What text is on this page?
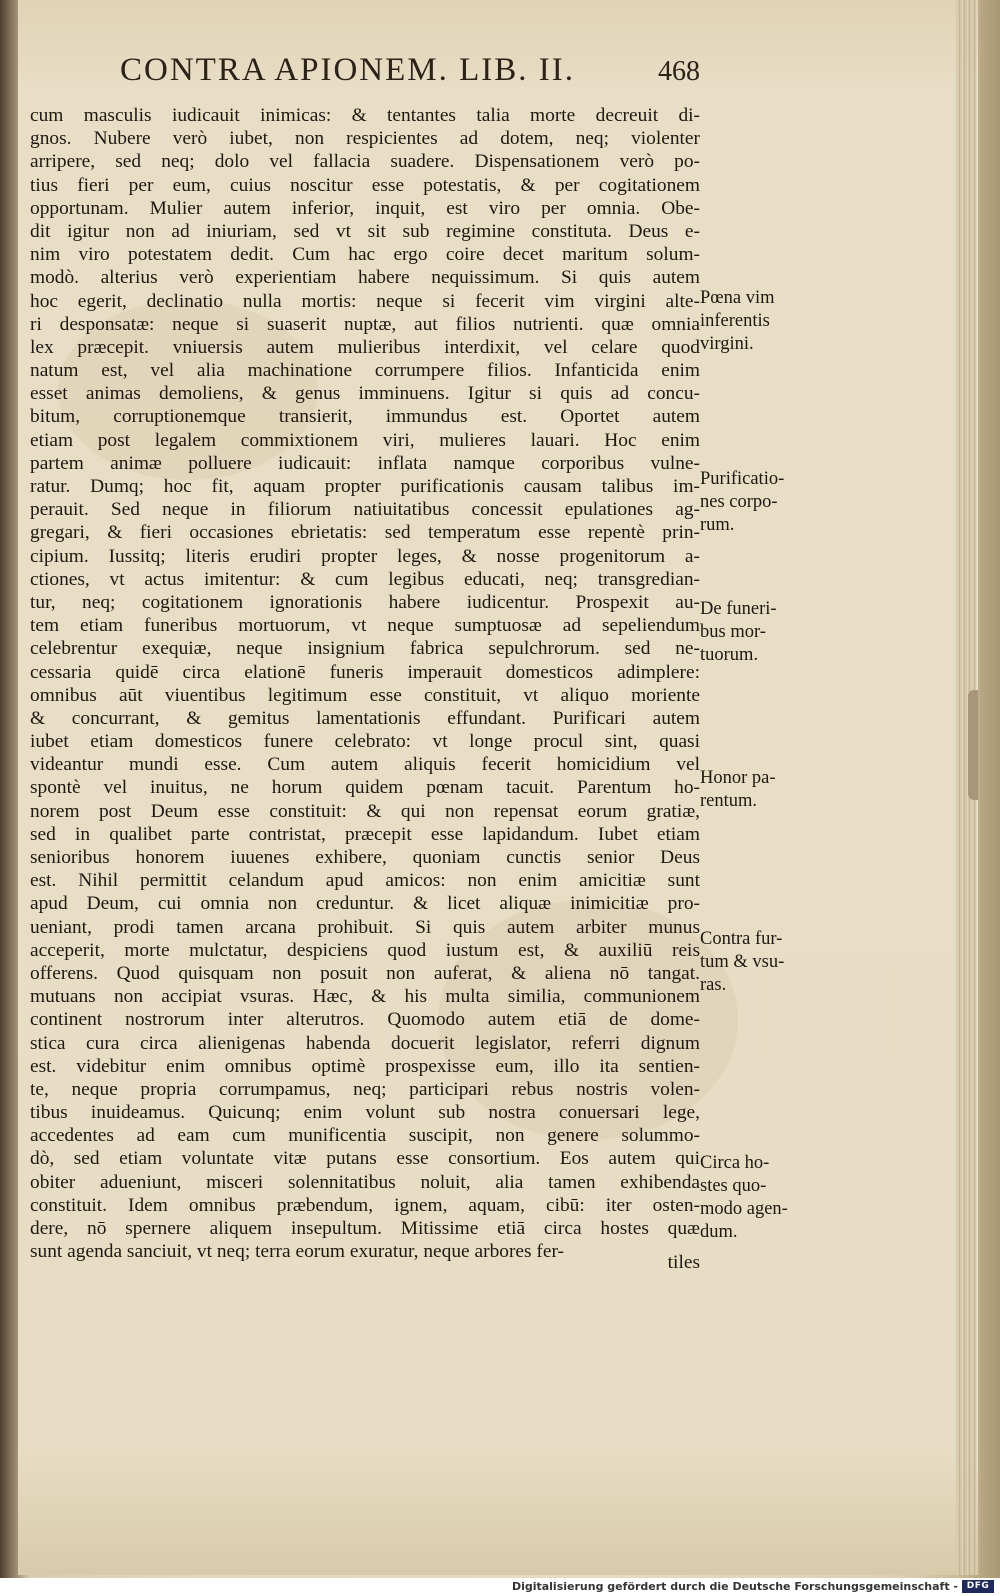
CONTRA APIONEM. LIB. II.	468
cum masculis iudicauit inimicas: & tentantes talia morte decreuit di-
gnos. Nubere verò iubet, non respicientes ad dotem, neq; violenter
arripere, sed neq; dolo vel fallacia suadere. Dispensationem verò po-
tius fieri per eum, cuius noscitur esse potestatis, & per cogitationem
opportunam. Mulier autem inferior, inquit, est viro per omnia. Obe-
dit igitur non ad iniuriam, sed vt sit sub regimine constituta. Deus e-
nim viro potestatem dedit. Cum hac ergo coire decet maritum solum-
modò. alterius verò experientiam habere nequissimum. Si quis autem
hoc egerit, declinatio nulla mortis: neque si fecerit vim virgini alte-
ri desponsatæ: neque si suaserit nuptæ, aut filios nutrienti. quæ omnia
lex præcepit. vniuersis autem mulieribus interdixit, vel celare quod
natum est, vel alia machinatione corrumpere filios. Infanticida enim
esset animas demoliens, & genus imminuens. Igitur si quis ad concu-
bitum, corruptionemque transierit, immundus est. Oportet autem
etiam post legalem commixtionem viri, mulieres lauari. Hoc enim
partem animæ polluere iudicauit: inflata namque corporibus vulne-
ratur. Dumq; hoc fit, aquam propter purificationis causam talibus im-
perauit. Sed neque in filiorum natiuitatibus concessit epulationes ag-
gregari, & fieri occasiones ebrietatis: sed temperatum esse repentè prin-
cipium. Iussitq; literis erudiri propter leges, & nosse progenitorum a-
ctiones, vt actus imitentur: & cum legibus educati, neq; transgredian-
tur, neq; cogitationem ignorationis habere iudicentur. Prospexit au-
tem etiam funeribus mortuorum, vt neque sumptuosæ ad sepeliendum
celebrentur exequiæ, neque insignium fabrica sepulchrorum. sed ne-
cessaria quidē circa elationē funeris imperauit domesticos adimplere:
omnibus aūt viuentibus legitimum esse constituit, vt aliquo moriente
& concurrant, & gemitus lamentationis effundant. Purificari autem
iubet etiam domesticos funere celebrato: vt longe procul sint, quasi
videantur mundi esse. Cum autem aliquis fecerit homicidium vel
spontè vel inuitus, ne horum quidem pœnam tacuit. Parentum ho-
norem post Deum esse constituit: & qui non repensat eorum gratiæ,
sed in qualibet parte contristat, præcepit esse lapidandum. Iubet etiam
senioribus honorem iuuenes exhibere, quoniam cunctis senior Deus
est. Nihil permittit celandum apud amicos: non enim amicitiæ sunt
apud Deum, cui omnia non creduntur. & licet aliquæ inimicitiæ pro-
ueniant, prodi tamen arcana prohibuit. Si quis autem arbiter munus
acceperit, morte mulctatur, despiciens quod iustum est, & auxiliū reis
offerens. Quod quisquam non posuit non auferat, & aliena nō tangat.
mutuans non accipiat vsuras. Hæc, & his multa similia, communionem
continent nostrorum inter alterutros. Quomodo autem etiā de dome-
stica cura circa alienigenas habenda docuerit legislator, referri dignum
est. videbitur enim omnibus optimè prospexisse eum, illo ita sentien-
te, neque propria corrumpamus, neq; participari rebus nostris volen-
tibus inuideamus. Quicunq; enim volunt sub nostra conuersari lege,
accedentes ad eam cum munificentia suscipit, non genere solummo-
dò, sed etiam voluntate vitæ putans esse consortium. Eos autem qui
obiter adueniunt, misceri solennitatibus noluit, alia tamen exhibenda
constituit. Idem omnibus præbendum, ignem, aquam, cibū: iter osten-
dere, nō spernere aliquem insepultum. Mitissime etiā circa hostes quæ
sunt agenda sanciuit, vt neq; terra eorum exuratur, neque arbores fer-
tiles
Pœna vim
inferentis
virgini.
Purificatio-
nes corpo-
rum.
De funeri-
bus mor-
tuorum.
Honor pa-
rentum.
Contra fur-
tum & vsu-
ras.
Circa ho-
stes quo-
modo agen-
dum.
Digitalisierung gefördert durch die Deutsche Forschungsgemeinschaft - DFG
